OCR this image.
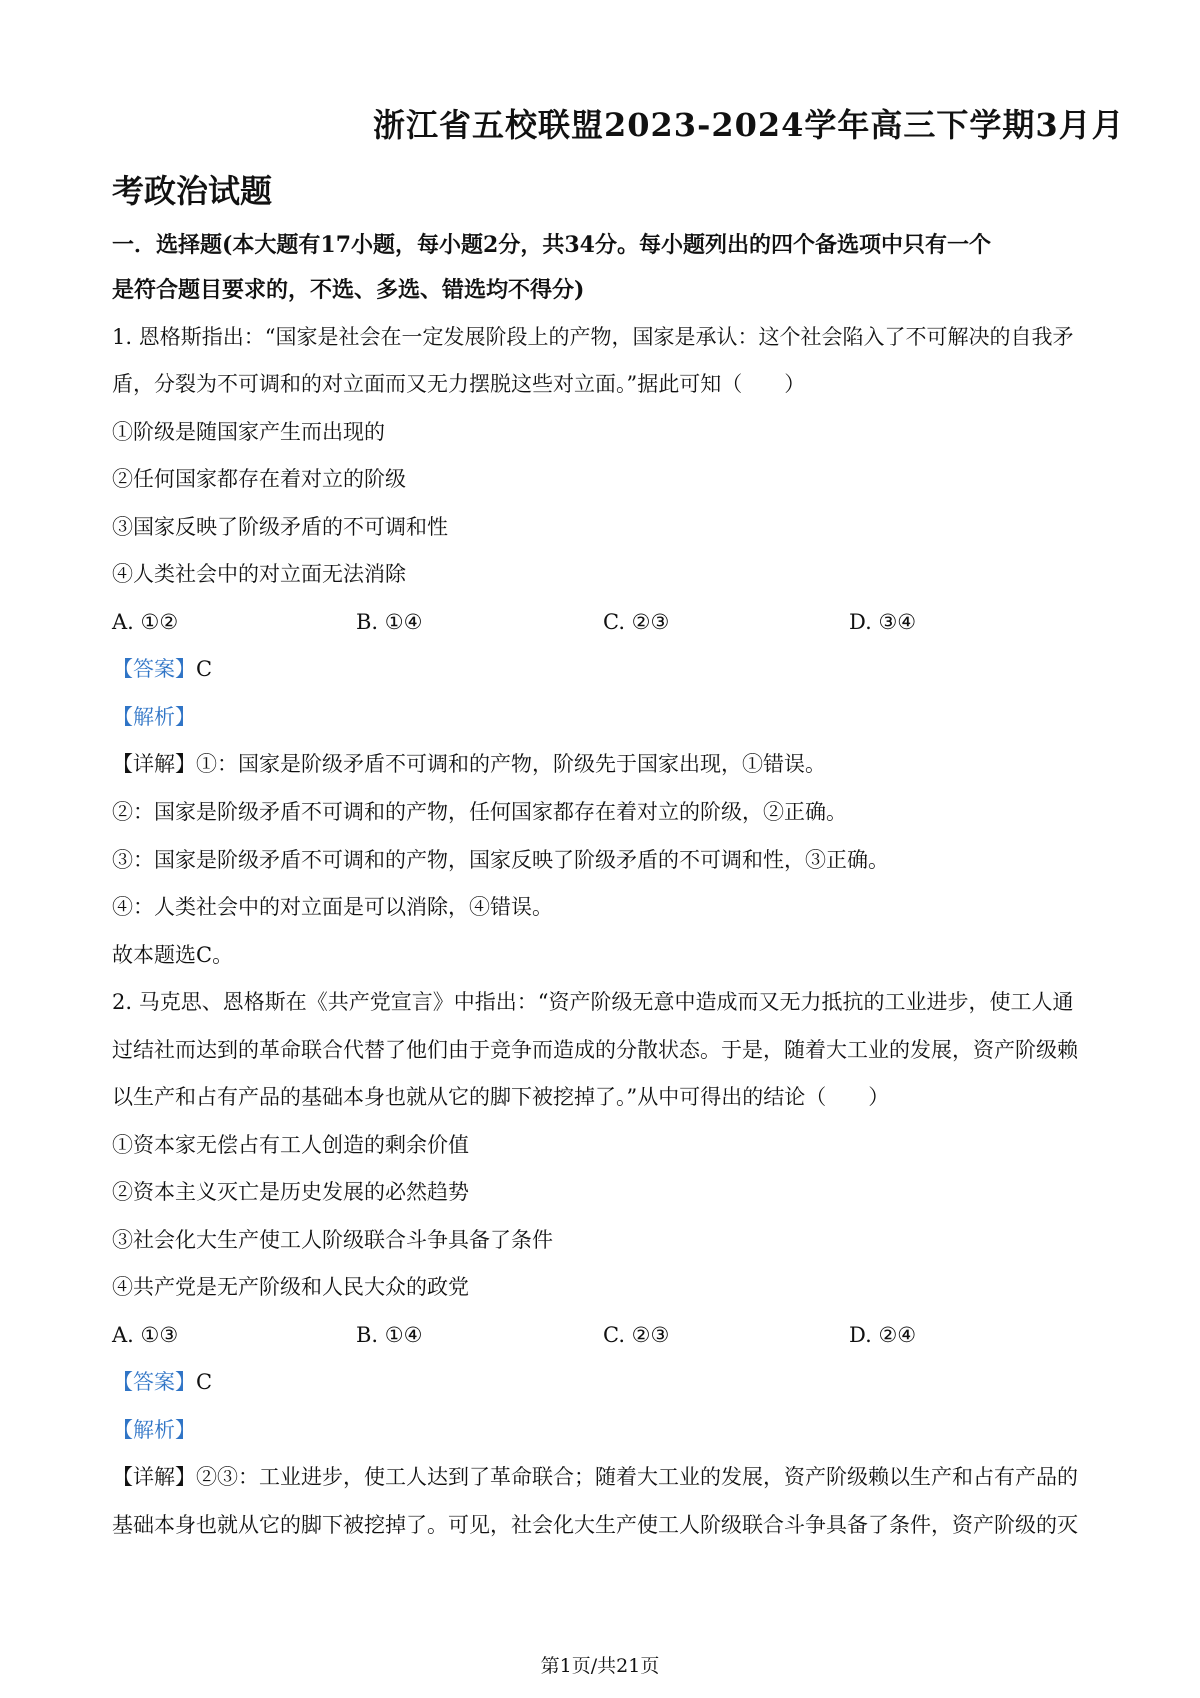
浙江省五校联盟2023-2024学年高三下学期3月月
考政治试题
一．选择题(本大题有17小题，每小题2分，共34分。每小题列出的四个备选项中只有一个
是符合题目要求的，不选、多选、错选均不得分)
1. 恩格斯指出：“国家是社会在一定发展阶段上的产物，国家是承认：这个社会陷入了不可解决的自我矛
盾，分裂为不可调和的对立面而又无力摆脱这些对立面。”据此可知（　　）
①阶级是随国家产生而出现的
②任何国家都存在着对立的阶级
③国家反映了阶级矛盾的不可调和性
④人类社会中的对立面无法消除
A. ①②	B. ①④	C. ②③	D. ③④
【答案】C
【解析】
【详解】①：国家是阶级矛盾不可调和的产物，阶级先于国家出现，①错误。
②：国家是阶级矛盾不可调和的产物，任何国家都存在着对立的阶级，②正确。
③：国家是阶级矛盾不可调和的产物，国家反映了阶级矛盾的不可调和性，③正确。
④：人类社会中的对立面是可以消除，④错误。
故本题选C。
2. 马克思、恩格斯在《共产党宣言》中指出：“资产阶级无意中造成而又无力抵抗的工业进步，使工人通
过结社而达到的革命联合代替了他们由于竞争而造成的分散状态。于是，随着大工业的发展，资产阶级赖
以生产和占有产品的基础本身也就从它的脚下被挖掉了。”从中可得出的结论（　　）
①资本家无偿占有工人创造的剩余价值
②资本主义灭亡是历史发展的必然趋势
③社会化大生产使工人阶级联合斗争具备了条件
④共产党是无产阶级和人民大众的政党
A. ①③	B. ①④	C. ②③	D. ②④
【答案】C
【解析】
【详解】②③：工业进步，使工人达到了革命联合；随着大工业的发展，资产阶级赖以生产和占有产品的
基础本身也就从它的脚下被挖掉了。可见，社会化大生产使工人阶级联合斗争具备了条件，资产阶级的灭
第1页/共21页
